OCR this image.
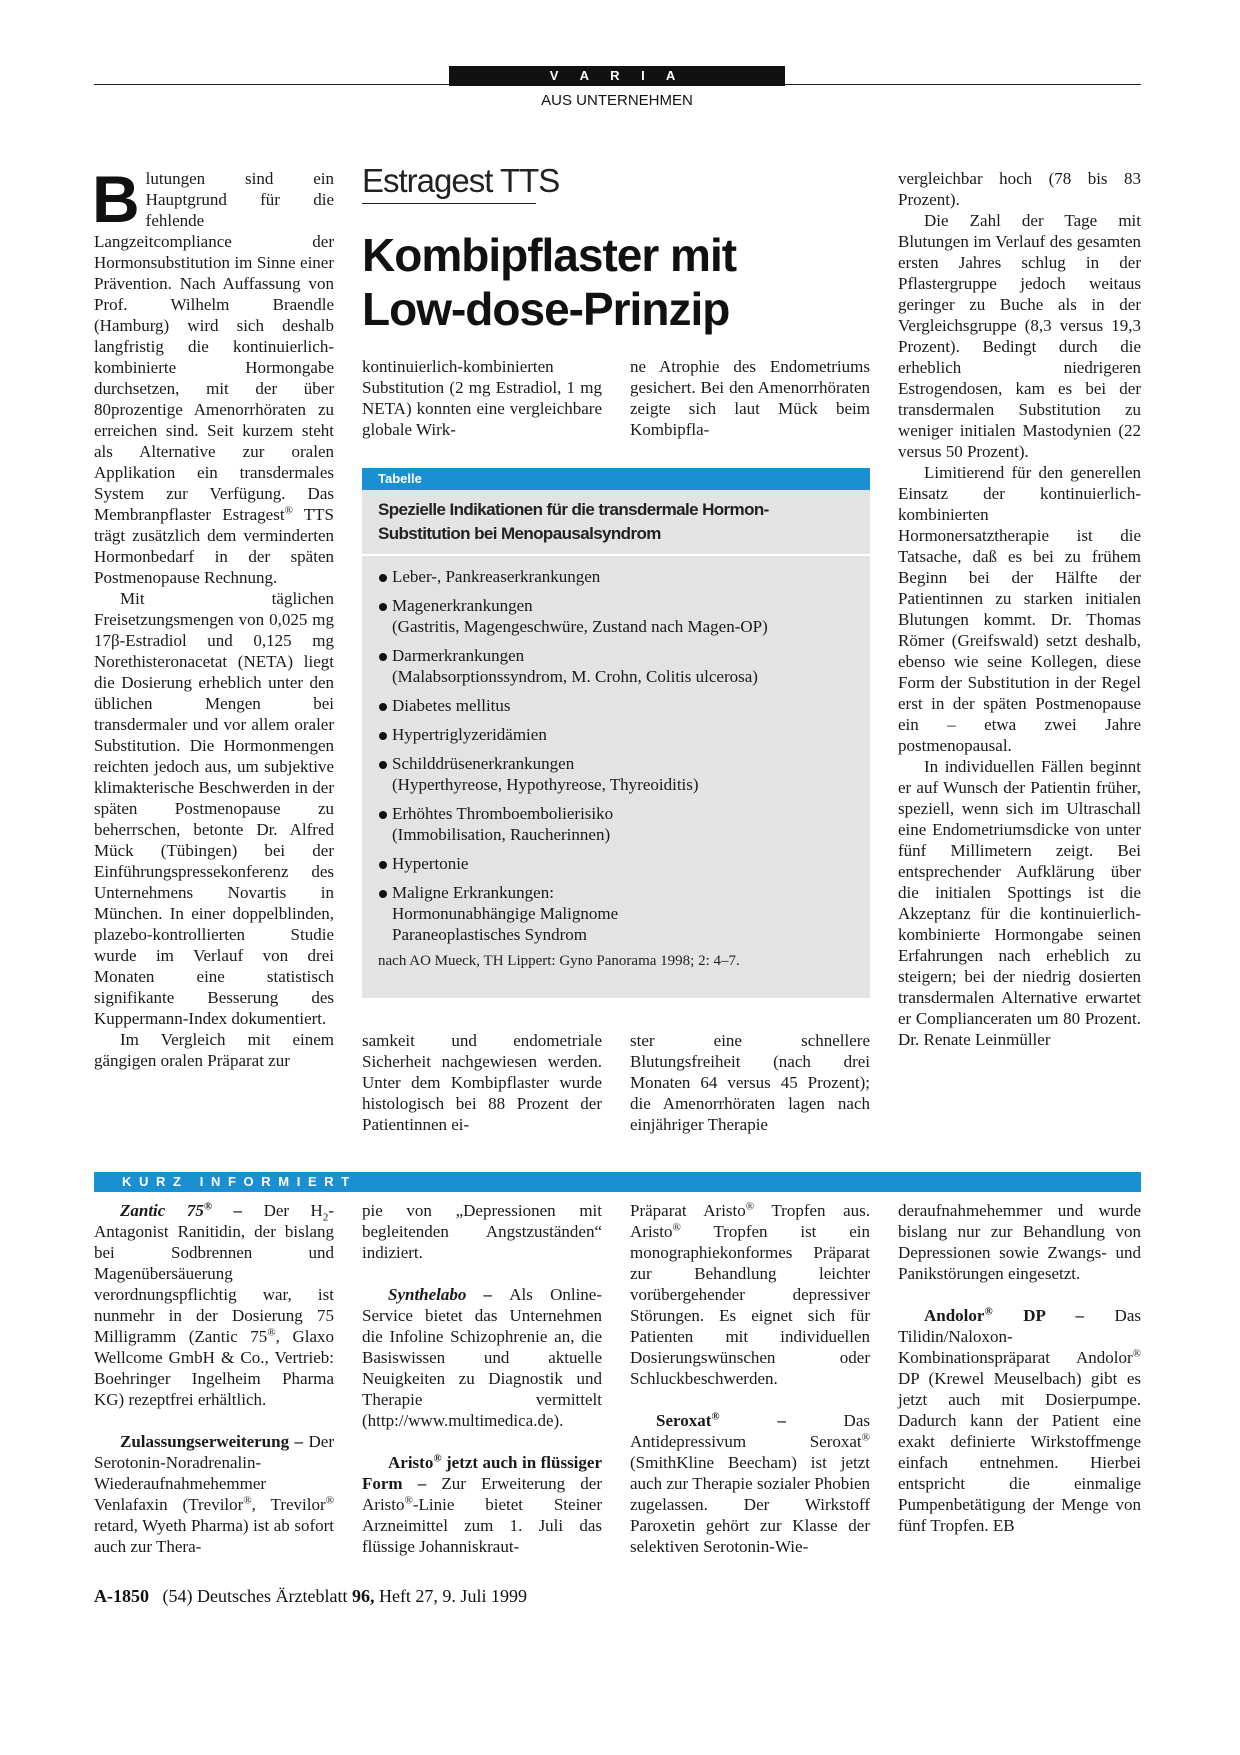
V A R I A
AUS UNTERNEHMEN

Blutungen sind ein Hauptgrund für die fehlende Langzeitcompliance der Hormonsubstitution im Sinne einer Prävention. Nach Auffassung von Prof. Wilhelm Braendle (Hamburg) wird sich deshalb langfristig die kontinuierlich-kombinierte Hormongabe durchsetzen, mit der über 80prozentige Amenorrhöraten zu erreichen sind. Seit kurzem steht als Alternative zur oralen Applikation ein transdermales System zur Verfügung. Das Membranpflaster Estragest® TTS trägt zusätzlich dem verminderten Hormonbedarf in der späten Postmenopause Rechnung.

Mit täglichen Freisetzungsmengen von 0,025 mg 17β-Estradiol und 0,125 mg Norethisteronacetat (NETA) liegt die Dosierung erheblich unter den üblichen Mengen bei transdermaler und vor allem oraler Substitution. Die Hormonmengen reichten jedoch aus, um subjektive klimakterische Beschwerden in der späten Postmenopause zu beherrschen, betonte Dr. Alfred Mück (Tübingen) bei der Einführungspressekonferenz des Unternehmens Novartis in München. In einer doppelblinden, plazebo-kontrollierten Studie wurde im Verlauf von drei Monaten eine statistisch signifikante Besserung des Kuppermann-Index dokumentiert.

Im Vergleich mit einem gängigen oralen Präparat zur

Estragest TTS
Kombipflaster mit
Low-dose-Prinzip
kontinuierlich-kombinierten Substitution (2 mg Estradiol, 1 mg NETA) konnten eine vergleichbare globale Wirk-
ne Atrophie des Endometriums gesichert. Bei den Amenorrhöraten zeigte sich laut Mück beim Kombipfla-
Tabelle
Spezielle Indikationen für die transdermale Hormon-Substitution bei Menopausalsyndrom
Leber-, Pankreaserkrankungen
Magenerkrankungen
(Gastritis, Magengeschwüre, Zustand nach Magen-OP)
Darmerkrankungen
(Malabsorptionssyndrom, M. Crohn, Colitis ulcerosa)
Diabetes mellitus
Hypertriglyzeridämien
Schilddrüsenerkrankungen
(Hyperthyreose, Hypothyreose, Thyreoiditis)
Erhöhtes Thromboembolierisiko
(Immobilisation, Raucherinnen)
Hypertonie
Maligne Erkrankungen:
Hormonunabhängige Malignome
Paraneoplastisches Syndrom
nach AO Mueck, TH Lippert: Gyno Panorama 1998; 2: 4–7.
samkeit und endometriale Sicherheit nachgewiesen werden. Unter dem Kombipflaster wurde histologisch bei 88 Prozent der Patientinnen ei-
ster eine schnellere Blutungsfreiheit (nach drei Monaten 64 versus 45 Prozent); die Amenorrhöraten lagen nach einjähriger Therapie

vergleichbar hoch (78 bis 83 Prozent).

Die Zahl der Tage mit Blutungen im Verlauf des gesamten ersten Jahres schlug in der Pflastergruppe jedoch weitaus geringer zu Buche als in der Vergleichsgruppe (8,3 versus 19,3 Prozent). Bedingt durch die erheblich niedrigeren Estrogendosen, kam es bei der transdermalen Substitution zu weniger initialen Mastodynien (22 versus 50 Prozent).

Limitierend für den generellen Einsatz der kontinuierlich-kombinierten Hormonersatztherapie ist die Tatsache, daß es bei zu frühem Beginn bei der Hälfte der Patientinnen zu starken initialen Blutungen kommt. Dr. Thomas Römer (Greifswald) setzt deshalb, ebenso wie seine Kollegen, diese Form der Substitution in der Regel erst in der späten Postmenopause ein – etwa zwei Jahre postmenopausal.

In individuellen Fällen beginnt er auf Wunsch der Patientin früher, speziell, wenn sich im Ultraschall eine Endometriumsdicke von unter fünf Millimetern zeigt. Bei entsprechender Aufklärung über die initialen Spottings ist die Akzeptanz für die kontinuierlich-kombinierte Hormongabe seinen Erfahrungen nach erheblich zu steigern; bei der niedrig dosierten transdermalen Alternative erwartet er Complianceraten um 80 Prozent. Dr. Renate Leinmüller

K U R Z   I N F O R M I E R T

Zantic 75® – Der $H_2$-Antagonist Ranitidin, der bislang bei Sodbrennen und Magenübersäuerung verordnungspflichtig war, ist nunmehr in der Dosierung 75 Milligramm (Zantic 75®, Glaxo Wellcome GmbH & Co., Vertrieb: Boehringer Ingelheim Pharma KG) rezeptfrei erhältlich.

Zulassungserweiterung – Der Serotonin-Noradrenalin-Wiederaufnahmehemmer Venlafaxin (Trevilor®, Trevilor® retard, Wyeth Pharma) ist ab sofort auch zur Thera-

pie von „Depressionen mit begleitenden Angstzuständen“ indiziert.

Synthelabo – Als Online-Service bietet das Unternehmen die Infoline Schizophrenie an, die Basiswissen und aktuelle Neuigkeiten zu Diagnostik und Therapie vermittelt (http://www.multimedica.de).

Aristo® jetzt auch in flüssiger Form – Zur Erweiterung der Aristo®-Linie bietet Steiner Arzneimittel zum 1. Juli das flüssige Johanniskraut-

Präparat Aristo® Tropfen aus. Aristo® Tropfen ist ein monographiekonformes Präparat zur Behandlung leichter vorübergehender depressiver Störungen. Es eignet sich für Patienten mit individuellen Dosierungswünschen oder Schluckbeschwerden.

Seroxat® – Das Antidepressivum Seroxat® (SmithKline Beecham) ist jetzt auch zur Therapie sozialer Phobien zugelassen. Der Wirkstoff Paroxetin gehört zur Klasse der selektiven Serotonin-Wie-

deraufnahmehemmer und wurde bislang nur zur Behandlung von Depressionen sowie Zwangs- und Panikstörungen eingesetzt.

Andolor® DP – Das Tilidin/Naloxon-Kombinationspräparat Andolor® DP (Krewel Meuselbach) gibt es jetzt auch mit Dosierpumpe. Dadurch kann der Patient eine exakt definierte Wirkstoffmenge einfach entnehmen. Hierbei entspricht die einmalige Pumpenbetätigung der Menge von fünf Tropfen. EB

A-1850 (54) Deutsches Ärzteblatt 96, Heft 27, 9. Juli 1999
